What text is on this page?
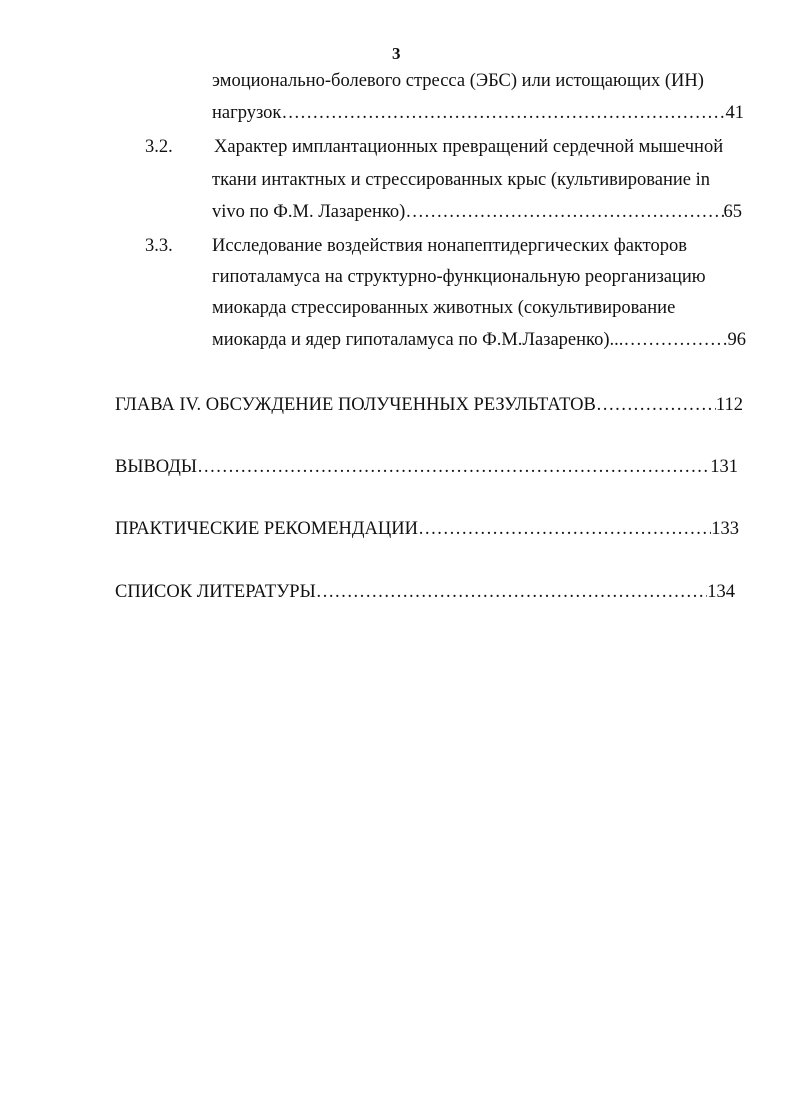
3
эмоционально-болевого стресса (ЭБС) или истощающих (ИН)
нагрузок ……………………………………………………………………………………………………………………………………………………………	41
3.2. Характер имплантационных превращений сердечной мышечной
ткани интактных и стрессированных крыс (культивирование in
vivo по Ф.М. Лазаренко) ……………………………………………………………………………………………………………………………………………………………	65
3.3. Исследование воздействия нонапептидергических факторов
гипоталамуса на структурно-функциональную реорганизацию
миокарда стрессированных животных (сокультивирование
миокарда и ядер гипоталамуса по Ф.М.Лазаренко)... ……………………………………………………………………………………………………………………………………………………………	96
ГЛАВА IV. ОБСУЖДЕНИЕ ПОЛУЧЕННЫХ РЕЗУЛЬТАТОВ ……………………………………………………………………………………………………………………………………………………………	112
ВЫВОДЫ ……………………………………………………………………………………………………………………………………………………………	131
ПРАКТИЧЕСКИЕ РЕКОМЕНДАЦИИ ……………………………………………………………………………………………………………………………………………………………	133
СПИСОК ЛИТЕРАТУРЫ ……………………………………………………………………………………………………………………………………………………………	134
